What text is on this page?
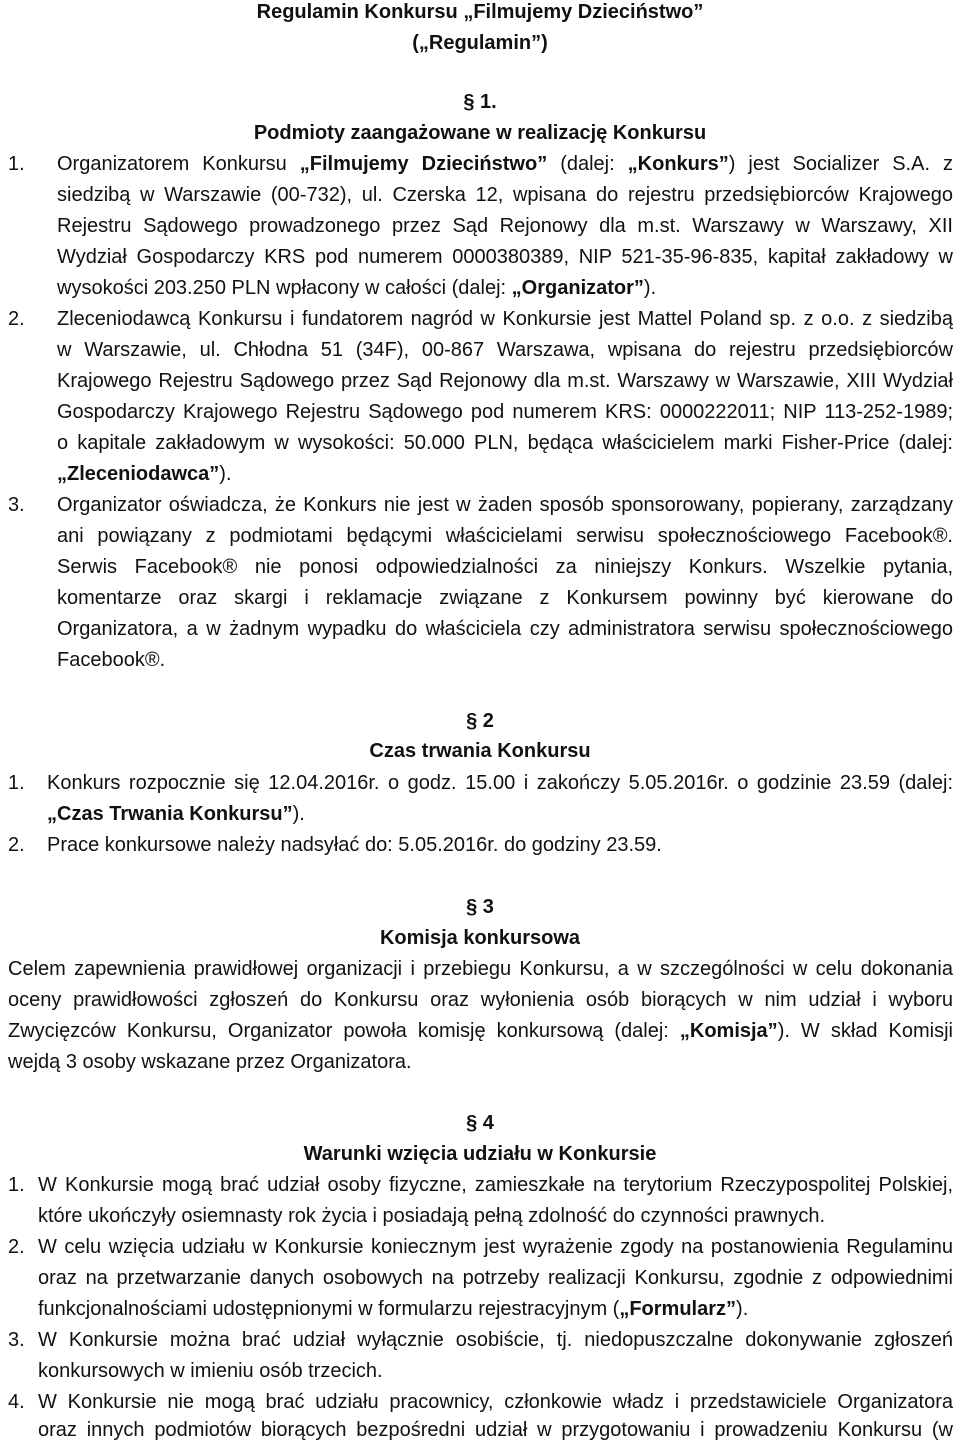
Regulamin Konkursu „Filmujemy Dzieciństwo”
(„Regulamin”)
§ 1.
Podmioty zaangażowane w realizację Konkursu
1. Organizatorem Konkursu „Filmujemy Dzieciństwo” (dalej: „Konkurs”) jest Socializer S.A. z
siedzibą w Warszawie (00-732), ul. Czerska 12, wpisana do rejestru przedsiębiorców Krajowego
Rejestru Sądowego prowadzonego przez Sąd Rejonowy dla m.st. Warszawy w Warszawy, XII
Wydział Gospodarczy KRS pod numerem 0000380389, NIP 521-35-96-835, kapitał zakładowy w
wysokości 203.250 PLN wpłacony w całości (dalej: „Organizator”).
2. Zleceniodawcą Konkursu i fundatorem nagród w Konkursie jest Mattel Poland sp. z o.o. z siedzibą
w Warszawie, ul. Chłodna 51 (34F), 00-867 Warszawa, wpisana do rejestru przedsiębiorców
Krajowego Rejestru Sądowego przez Sąd Rejonowy dla m.st. Warszawy w Warszawie, XIII Wydział
Gospodarczy Krajowego Rejestru Sądowego pod numerem KRS: 0000222011; NIP 113-252-1989;
o kapitale zakładowym w wysokości: 50.000 PLN, będąca właścicielem marki Fisher-Price (dalej:
„Zleceniodawca”).
3. Organizator oświadcza, że Konkurs nie jest w żaden sposób sponsorowany, popierany, zarządzany
ani powiązany z podmiotami będącymi właścicielami serwisu społecznościowego Facebook®.
Serwis Facebook® nie ponosi odpowiedzialności za niniejszy Konkurs. Wszelkie pytania,
komentarze oraz skargi i reklamacje związane z Konkursem powinny być kierowane do
Organizatora, a w żadnym wypadku do właściciela czy administratora serwisu społecznościowego
Facebook®.
§ 2
Czas trwania Konkursu
1. Konkurs rozpocznie się 12.04.2016r. o godz. 15.00 i zakończy 5.05.2016r. o godzinie 23.59 (dalej:
„Czas Trwania Konkursu”).
2. Prace konkursowe należy nadsyłać do: 5.05.2016r. do godziny 23.59.
§ 3
Komisja konkursowa
Celem zapewnienia prawidłowej organizacji i przebiegu Konkursu, a w szczególności w celu dokonania
oceny prawidłowości zgłoszeń do Konkursu oraz wyłonienia osób biorących w nim udział i wyboru
Zwycięzców Konkursu, Organizator powoła komisję konkursową (dalej: „Komisja”). W skład Komisji
wejdą 3 osoby wskazane przez Organizatora.
§ 4
Warunki wzięcia udziału w Konkursie
1. W Konkursie mogą brać udział osoby fizyczne, zamieszkałe na terytorium Rzeczypospolitej Polskiej,
które ukończyły osiemnasty rok życia i posiadają pełną zdolność do czynności prawnych.
2. W celu wzięcia udziału w Konkursie koniecznym jest wyrażenie zgody na postanowienia Regulaminu
oraz na przetwarzanie danych osobowych na potrzeby realizacji Konkursu, zgodnie z odpowiednimi
funkcjonalnościami udostępnionymi w formularzu rejestracyjnym („Formularz”).
3. W Konkursie można brać udział wyłącznie osobiście, tj. niedopuszczalne dokonywanie zgłoszeń
konkursowych w imieniu osób trzecich.
4. W Konkursie nie mogą brać udziału pracownicy, członkowie władz i przedstawiciele Organizatora
oraz innych podmiotów biorących bezpośredni udział w przygotowaniu i prowadzeniu Konkursu (w
